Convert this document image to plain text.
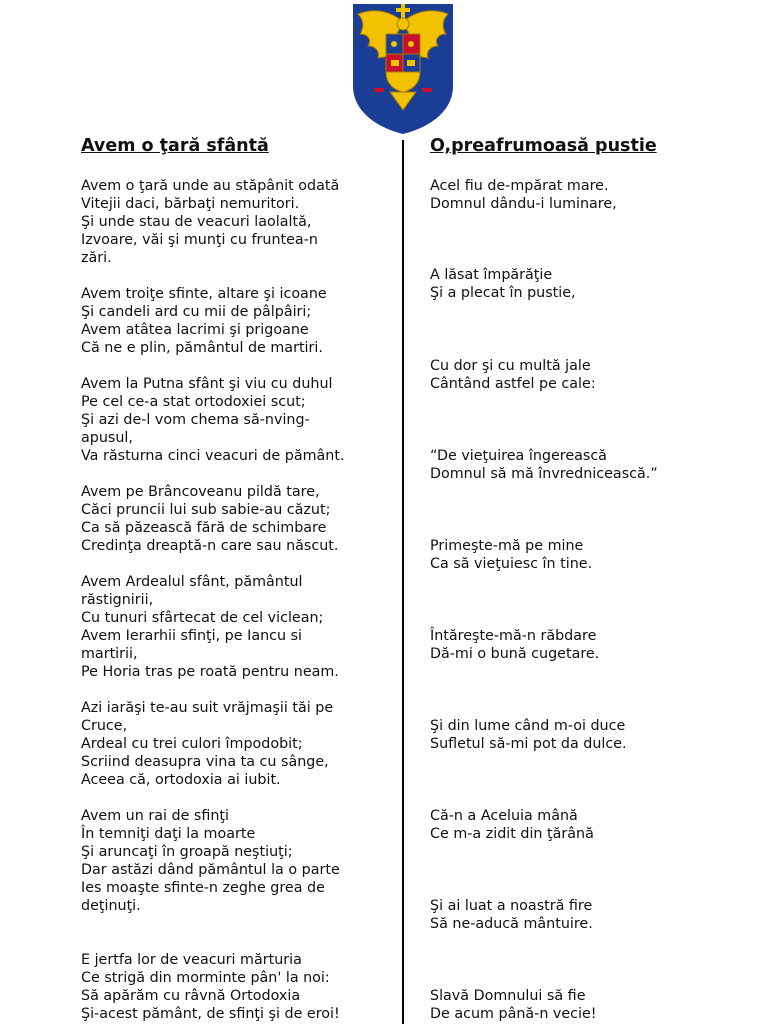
Avem o ţară sfântă
Avem o ţară unde au stăpânit odată
Vitejii daci, bărbaţi nemuritori.
Şi unde stau de veacuri laolaltă,
Izvoare, văi şi munţi cu fruntea-n
zări.
Avem troiţe sfinte, altare şi icoane
Şi candeli ard cu mii de pâlpâiri;
Avem atâtea lacrimi şi prigoane
Că ne e plin, pământul de martiri.
Avem la Putna sfânt şi viu cu duhul
Pe cel ce-a stat ortodoxiei scut;
Şi azi de-l vom chema să-nving-
apusul,
Va răsturna cinci veacuri de pământ.
Avem pe Brâncoveanu pildă tare,
Căci pruncii lui sub sabie-au căzut;
Ca să păzească fără de schimbare
Credinţa dreaptă-n care sau născut.
Avem Ardealul sfânt, pământul
răstignirii,
Cu tunuri sfârtecat de cel viclean;
Avem Ierarhii sfinţi, pe Iancu si
martirii,
Pe Horia tras pe roată pentru neam.
Azi iarăşi te-au suit vrăjmaşii tăi pe
Cruce,
Ardeal cu trei culori împodobit;
Scriind deasupra vina ta cu sânge,
Aceea că, ortodoxia ai iubit.
Avem un rai de sfinţi
În temniţi daţi la moarte
Şi aruncaţi în groapă neştiuţi;
Dar astăzi dând pământul la o parte
Ies moaşte sfinte-n zeghe grea de
deţinuţi.
E jertfa lor de veacuri mărturia
Ce strigă din morminte pân' la noi:
Să apărăm cu râvnă Ortodoxia
Şi-acest pământ, de sfinţi şi de eroi!
O,preafrumoasă pustie
Acel fiu de-mpărat mare.
Domnul dându-i luminare,
A lăsat împărăţie
Şi a plecat în pustie,
Cu dor şi cu multă jale
Cântând astfel pe cale:
“De vieţuirea îngerească
Domnul să mă învrednicească.”
Primeşte-mă pe mine
Ca să vieţuiesc în tine.
Întăreşte-mă-n răbdare
Dă-mi o bună cugetare.
Şi din lume când m-oi duce
Sufletul să-mi pot da dulce.
Că-n a Aceluia mână
Ce m-a zidit din ţărână
Şi ai luat a noastră fire
Să ne-aducă mântuire.
Slavă Domnului să fie
De acum până-n vecie!
